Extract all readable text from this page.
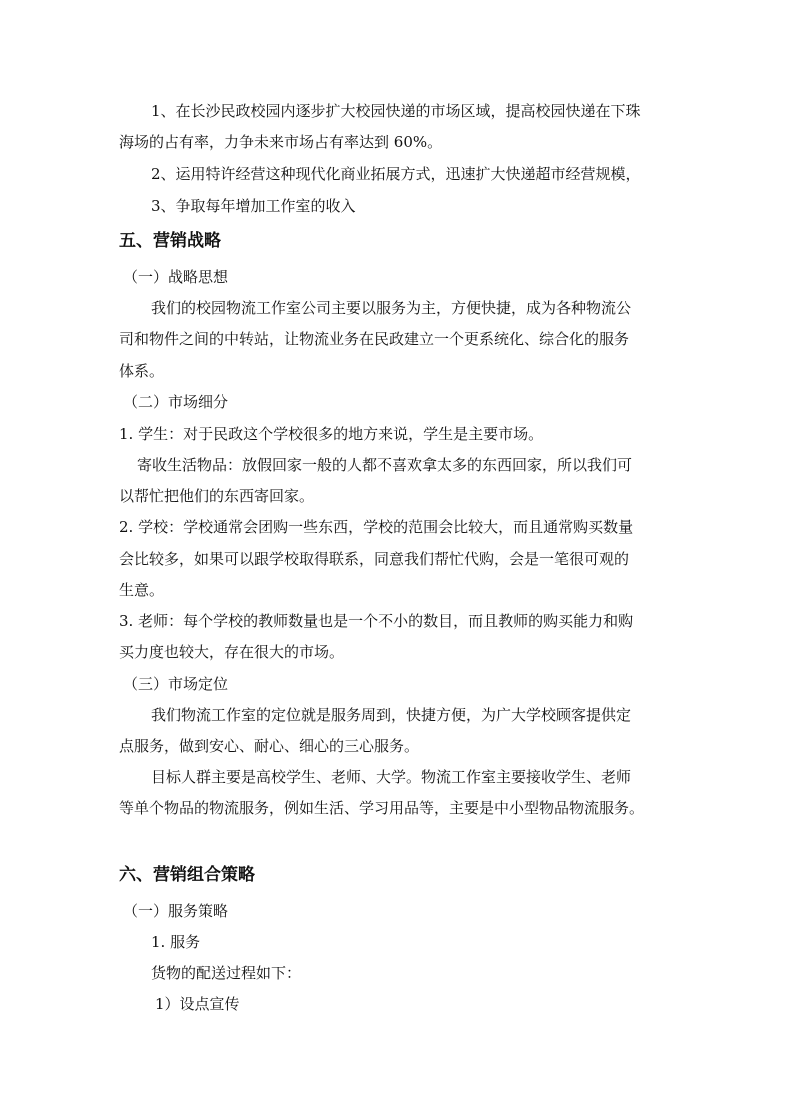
1、在长沙民政校园内逐步扩大校园快递的市场区域，提高校园快递在下珠
海场的占有率，力争未来市场占有率达到 60%。
2、运用特许经营这种现代化商业拓展方式，迅速扩大快递超市经营规模，
3、争取每年增加工作室的收入
五、营销战略
（一）战略思想
我们的校园物流工作室公司主要以服务为主，方便快捷，成为各种物流公
司和物件之间的中转站，让物流业务在民政建立一个更系统化、综合化的服务
体系。
（二）市场细分
1. 学生：对于民政这个学校很多的地方来说，学生是主要市场。
寄收生活物品：放假回家一般的人都不喜欢拿太多的东西回家，所以我们可
以帮忙把他们的东西寄回家。
2. 学校：学校通常会团购一些东西，学校的范围会比较大，而且通常购买数量
会比较多，如果可以跟学校取得联系，同意我们帮忙代购，会是一笔很可观的
生意。
3. 老师：每个学校的教师数量也是一个不小的数目，而且教师的购买能力和购
买力度也较大，存在很大的市场。
（三）市场定位
我们物流工作室的定位就是服务周到，快捷方便，为广大学校顾客提供定
点服务，做到安心、耐心、细心的三心服务。
目标人群主要是高校学生、老师、大学。物流工作室主要接收学生、老师
等单个物品的物流服务，例如生活、学习用品等，主要是中小型物品物流服务。
六、营销组合策略
（一）服务策略
1. 服务
货物的配送过程如下：
1）设点宣传
